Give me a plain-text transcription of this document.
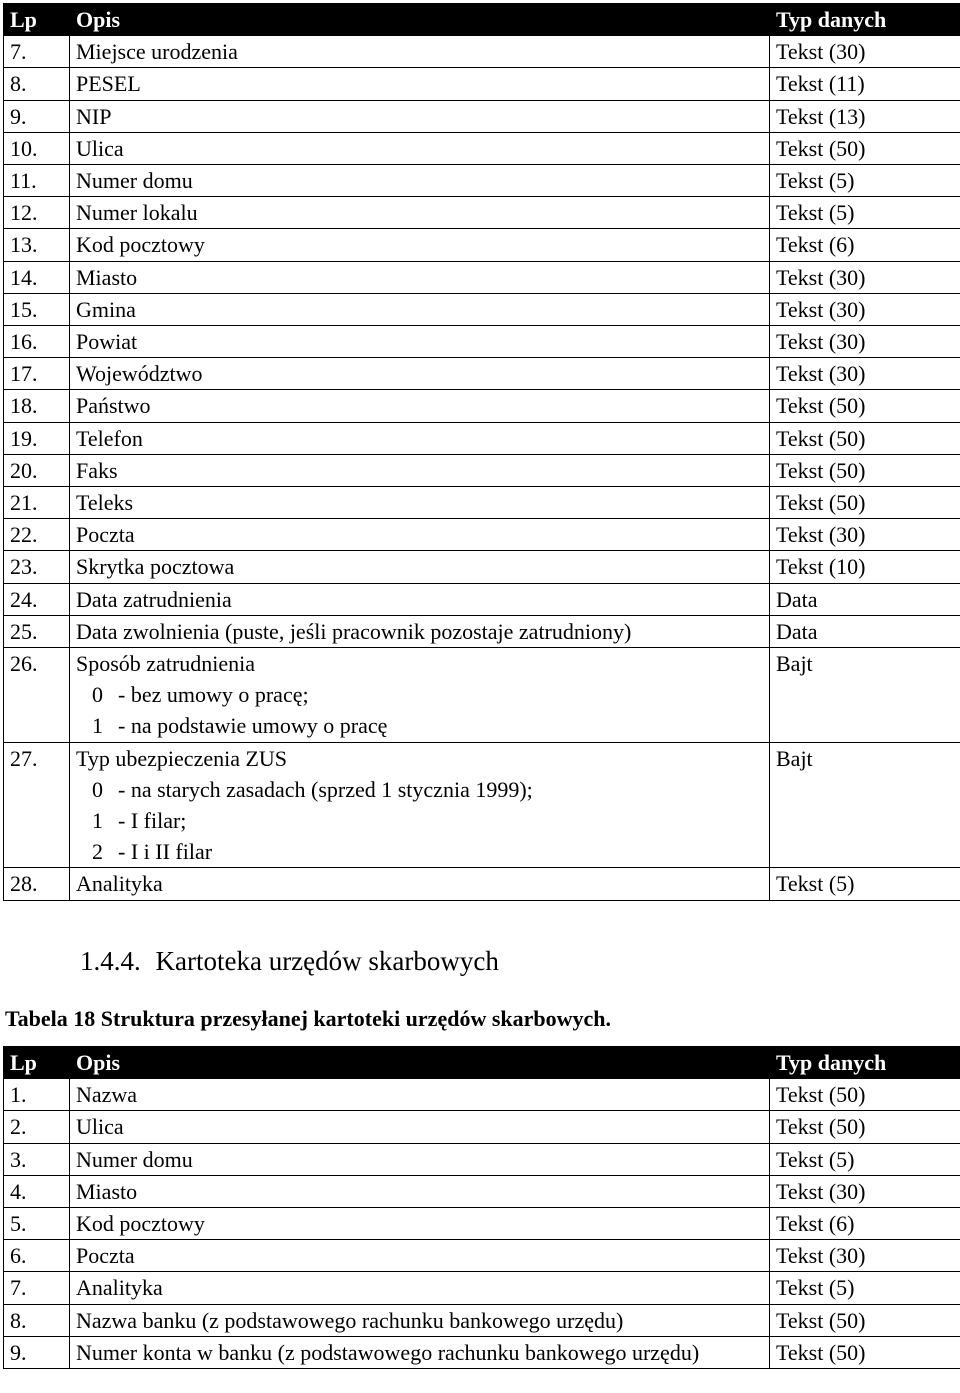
Lp	Opis	Typ danych
7.	Miejsce urodzenia	Tekst (30)
8.	PESEL	Tekst (11)
9.	NIP	Tekst (13)
10.	Ulica	Tekst (50)
11.	Numer domu	Tekst (5)
12.	Numer lokalu	Tekst (5)
13.	Kod pocztowy	Tekst (6)
14.	Miasto	Tekst (30)
15.	Gmina	Tekst (30)
16.	Powiat	Tekst (30)
17.	Województwo	Tekst (30)
18.	Państwo	Tekst (50)
19.	Telefon	Tekst (50)
20.	Faks	Tekst (50)
21.	Teleks	Tekst (50)
22.	Poczta	Tekst (30)
23.	Skrytka pocztowa	Tekst (10)
24.	Data zatrudnienia	Data
25.	Data zwolnienia (puste, jeśli pracownik pozostaje zatrudniony)	Data
26.	Sposób zatrudnienia
0 - bez umowy o pracę;
1 - na podstawie umowy o pracę	Bajt
27.	Typ ubezpieczenia ZUS
0 - na starych zasadach (sprzed 1 stycznia 1999);
1 - I filar;
2 - I i II filar	Bajt
28.	Analityka	Tekst (5)
1.4.4. Kartoteka urzędów skarbowych
Tabela 18 Struktura przesyłanej kartoteki urzędów skarbowych.
Lp	Opis	Typ danych
1.	Nazwa	Tekst (50)
2.	Ulica	Tekst (50)
3.	Numer domu	Tekst (5)
4.	Miasto	Tekst (30)
5.	Kod pocztowy	Tekst (6)
6.	Poczta	Tekst (30)
7.	Analityka	Tekst (5)
8.	Nazwa banku (z podstawowego rachunku bankowego urzędu)	Tekst (50)
9.	Numer konta w banku (z podstawowego rachunku bankowego urzędu)	Tekst (50)
